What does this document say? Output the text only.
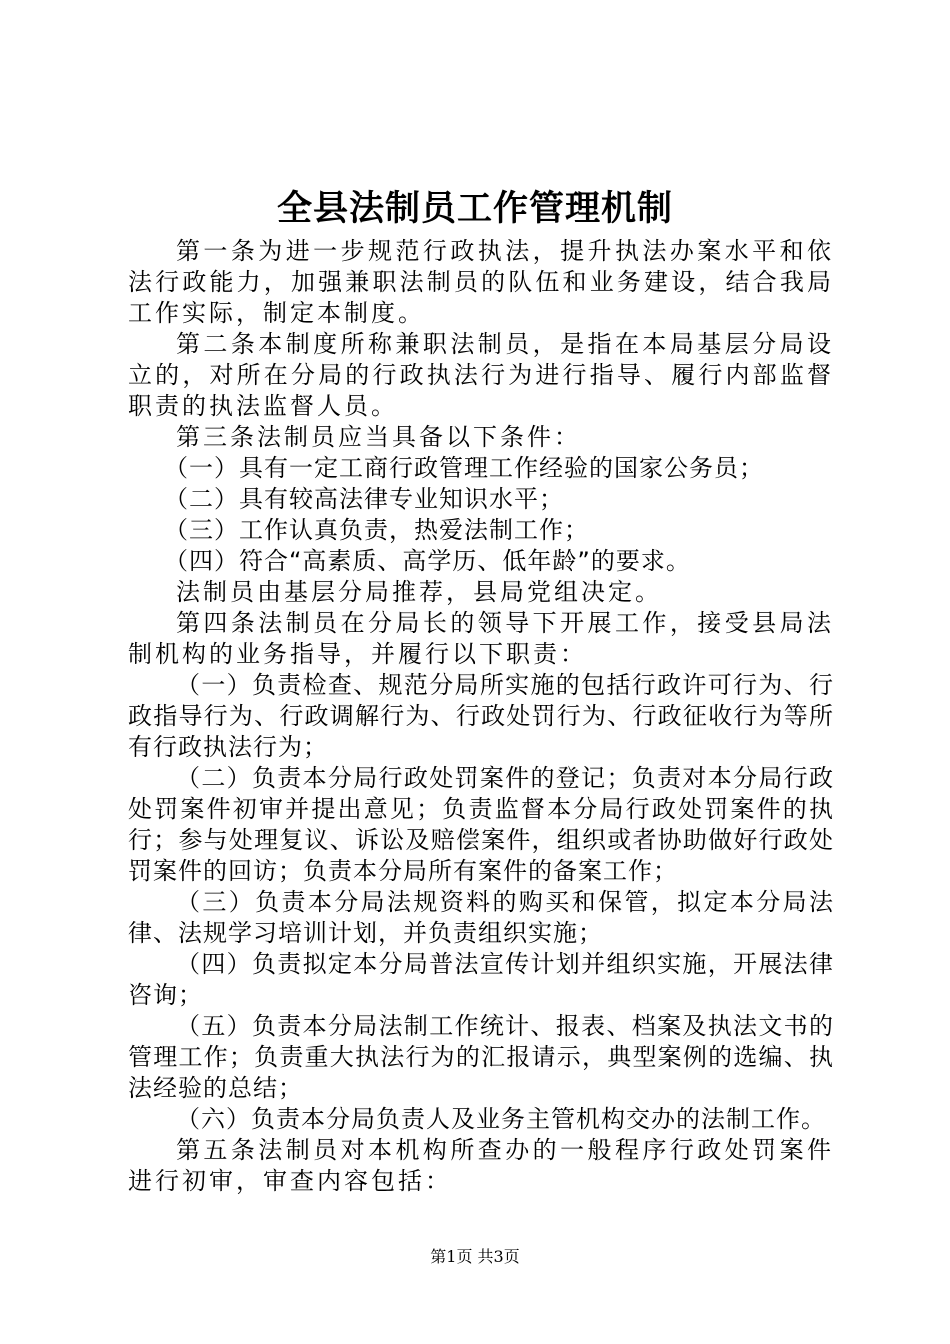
全县法制员工作管理机制

第一条为进一步规范行政执法，提升执法办案水平和依法行政能力，加强兼职法制员的队伍和业务建设，结合我局工作实际，制定本制度。

第二条本制度所称兼职法制员，是指在本局基层分局设立的，对所在分局的行政执法行为进行指导、履行内部监督职责的执法监督人员。

第三条法制员应当具备以下条件：

（一）具有一定工商行政管理工作经验的国家公务员；

（二）具有较高法律专业知识水平；

（三）工作认真负责，热爱法制工作；

（四）符合“高素质、高学历、低年龄”的要求。

法制员由基层分局推荐，县局党组决定。

第四条法制员在分局长的领导下开展工作，接受县局法制机构的业务指导，并履行以下职责：

（一）负责检查、规范分局所实施的包括行政许可行为、行政指导行为、行政调解行为、行政处罚行为、行政征收行为等所有行政执法行为；

（二）负责本分局行政处罚案件的登记；负责对本分局行政处罚案件初审并提出意见；负责监督本分局行政处罚案件的执行；参与处理复议、诉讼及赔偿案件，组织或者协助做好行政处罚案件的回访；负责本分局所有案件的备案工作；

（三）负责本分局法规资料的购买和保管，拟定本分局法律、法规学习培训计划，并负责组织实施；

（四）负责拟定本分局普法宣传计划并组织实施，开展法律咨询；

（五）负责本分局法制工作统计、报表、档案及执法文书的管理工作；负责重大执法行为的汇报请示，典型案例的选编、执法经验的总结；

（六）负责本分局负责人及业务主管机构交办的法制工作。

第五条法制员对本机构所查办的一般程序行政处罚案件进行初审，审查内容包括：

第1页 共3页
